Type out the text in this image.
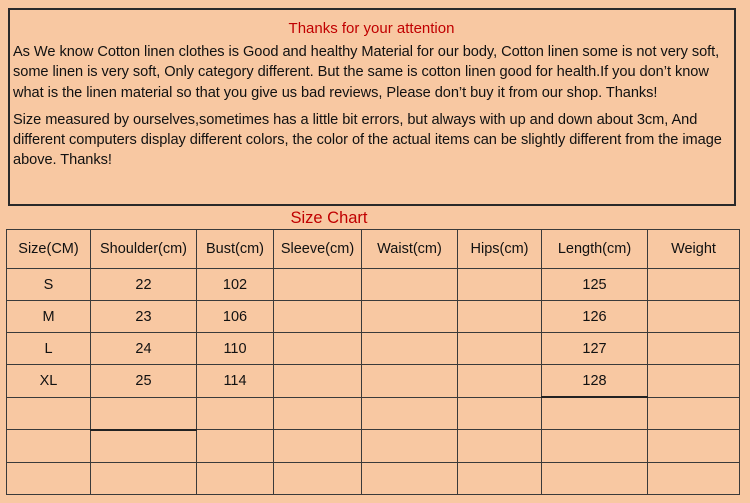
Thanks for your attention

As We know Cotton linen clothes is Good and healthy Material for our body, Cotton linen some is not very soft, some linen is very soft, Only category different. But the same is cotton linen good for health.If you don’t know what is the linen material so that you give us bad reviews, Please don’t buy it from our shop. Thanks!

Size measured by ourselves,sometimes has a little bit errors, but always with up and down about 3cm, And different computers display different colors, the color of the actual items can be slightly different from the image above. Thanks!

Size Chart
Size(CM)	Shoulder(cm)	Bust(cm)	Sleeve(cm)	Waist(cm)	Hips(cm)	Length(cm)	Weight
S	22	102				125	
M	23	106				126	
L	24	110				127	
XL	25	114				128	
